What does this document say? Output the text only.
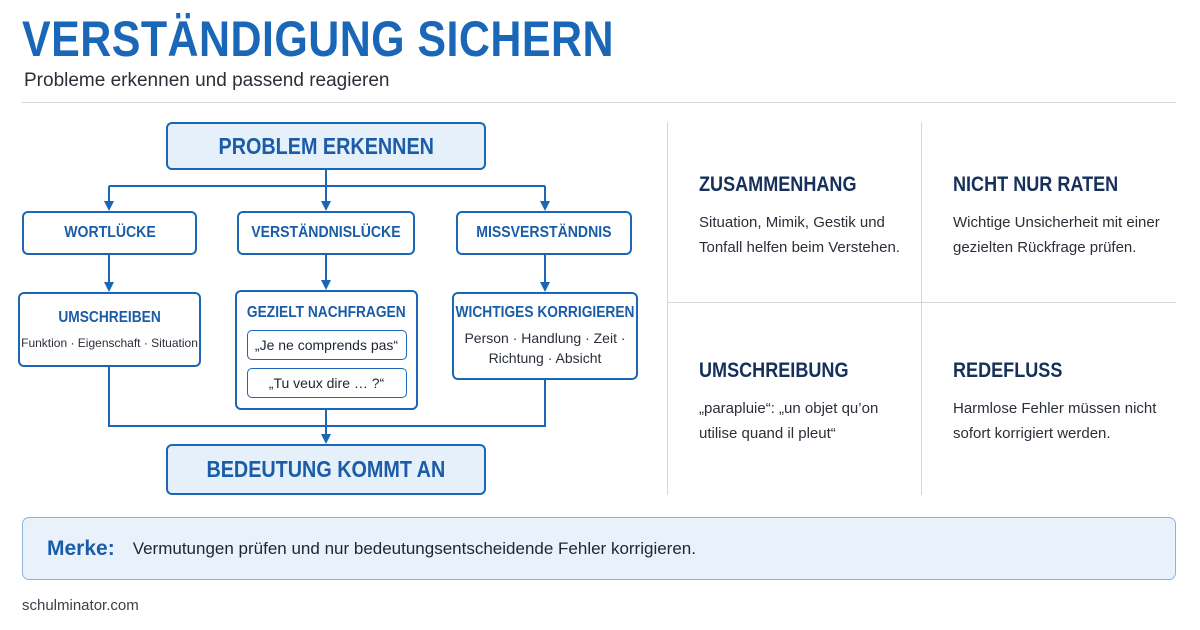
VERSTÄNDIGUNG SICHERN
Probleme erkennen und passend reagieren
PROBLEM ERKENNEN
WORTLÜCKE	VERSTÄNDNISLÜCKE	MISSVERSTÄNDNIS
UMSCHREIBEN
Funktion · Eigenschaft · Situation
GEZIELT NACHFRAGEN
„Je ne comprends pas“
„Tu veux dire … ?“
WICHTIGES KORRIGIEREN
Person · Handlung · Zeit ·
Richtung · Absicht
BEDEUTUNG KOMMT AN
ZUSAMMENHANG

Situation, Mimik, Gestik und Tonfall helfen beim Verstehen.

NICHT NUR RATEN

Wichtige Unsicherheit mit einer gezielten Rückfrage prüfen.

UMSCHREIBUNG

„parapluie“: „un objet qu’on utilise quand il pleut“

REDEFLUSS

Harmlose Fehler müssen nicht sofort korrigiert werden.

Merke: Vermutungen prüfen und nur bedeutungsentscheidende Fehler korrigieren.
schulminator.com
